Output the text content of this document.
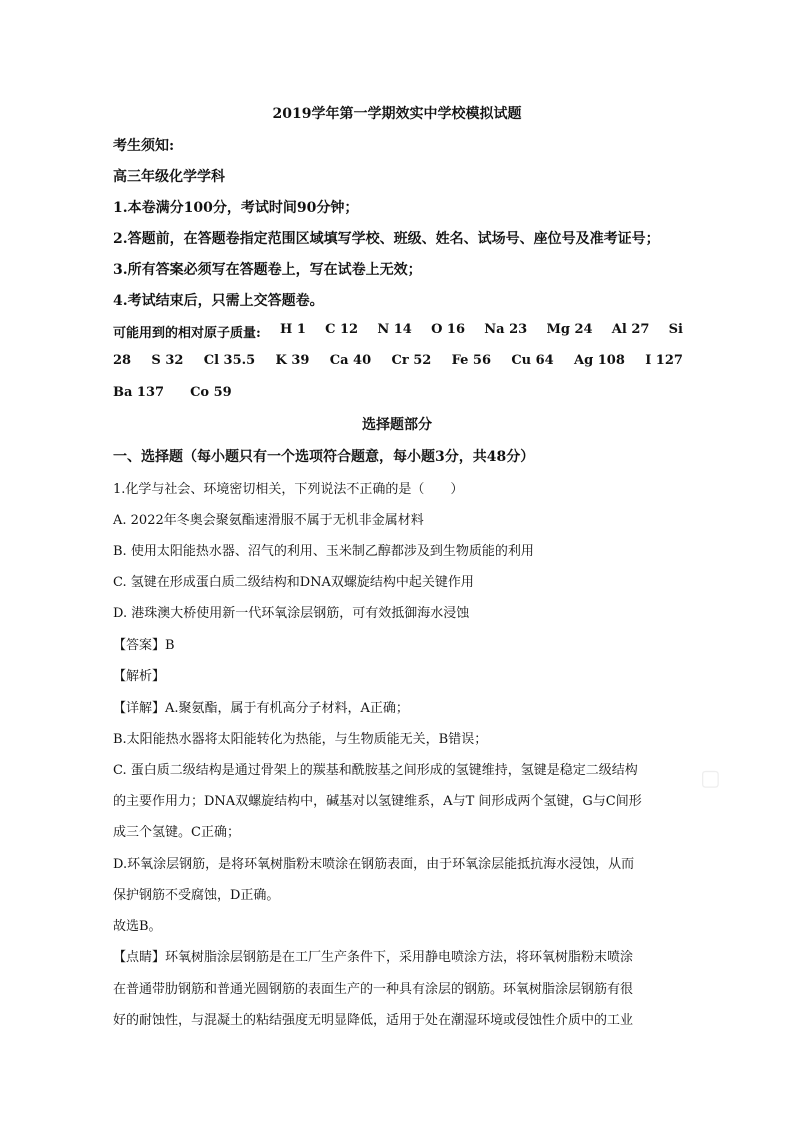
2019学年第一学期效实中学校模拟试题
考生须知:
高三年级化学学科
1.本卷满分100分，考试时间90分钟；
2.答题前，在答题卷指定范围区域填写学校、班级、姓名、试场号、座位号及准考证号；
3.所有答案必须写在答题卷上，写在试卷上无效；
4.考试结束后，只需上交答题卷。
可能用到的相对原子质量: H 1 C 12 N 14 O 16 Na 23 Mg 24 Al 27 Si
28 S 32 Cl 35.5 K 39 Ca 40 Cr 52 Fe 56 Cu 64 Ag 108 I 127
Ba 137 Co 59
选择题部分
一、选择题（每小题只有一个选项符合题意，每小题3分，共48分）
1.化学与社会、环境密切相关，下列说法不正确的是（　　）
A. 2022年冬奥会聚氨酯速滑服不属于无机非金属材料
B. 使用太阳能热水器、沼气的利用、玉米制乙醇都涉及到生物质能的利用
C. 氢键在形成蛋白质二级结构和DNA双螺旋结构中起关键作用
D. 港珠澳大桥使用新一代环氧涂层钢筋，可有效抵御海水浸蚀
【答案】B
【解析】
【详解】A.聚氨酯，属于有机高分子材料，A正确；
B.太阳能热水器将太阳能转化为热能，与生物质能无关，B错误；
C. 蛋白质二级结构是通过骨架上的羰基和酰胺基之间形成的氢键维持，氢键是稳定二级结构
的主要作用力；DNA双螺旋结构中，碱基对以氢键维系，A与T 间形成两个氢键，G与C间形
成三个氢键。C正确；
D.环氧涂层钢筋，是将环氧树脂粉末喷涂在钢筋表面，由于环氧涂层能抵抗海水浸蚀，从而
保护钢筋不受腐蚀，D正确。
故选B。
【点睛】环氧树脂涂层钢筋是在工厂生产条件下，采用静电喷涂方法，将环氧树脂粉末喷涂
在普通带肋钢筋和普通光圆钢筋的表面生产的一种具有涂层的钢筋。环氧树脂涂层钢筋有很
好的耐蚀性，与混凝土的粘结强度无明显降低，适用于处在潮湿环境或侵蚀性介质中的工业
▢
